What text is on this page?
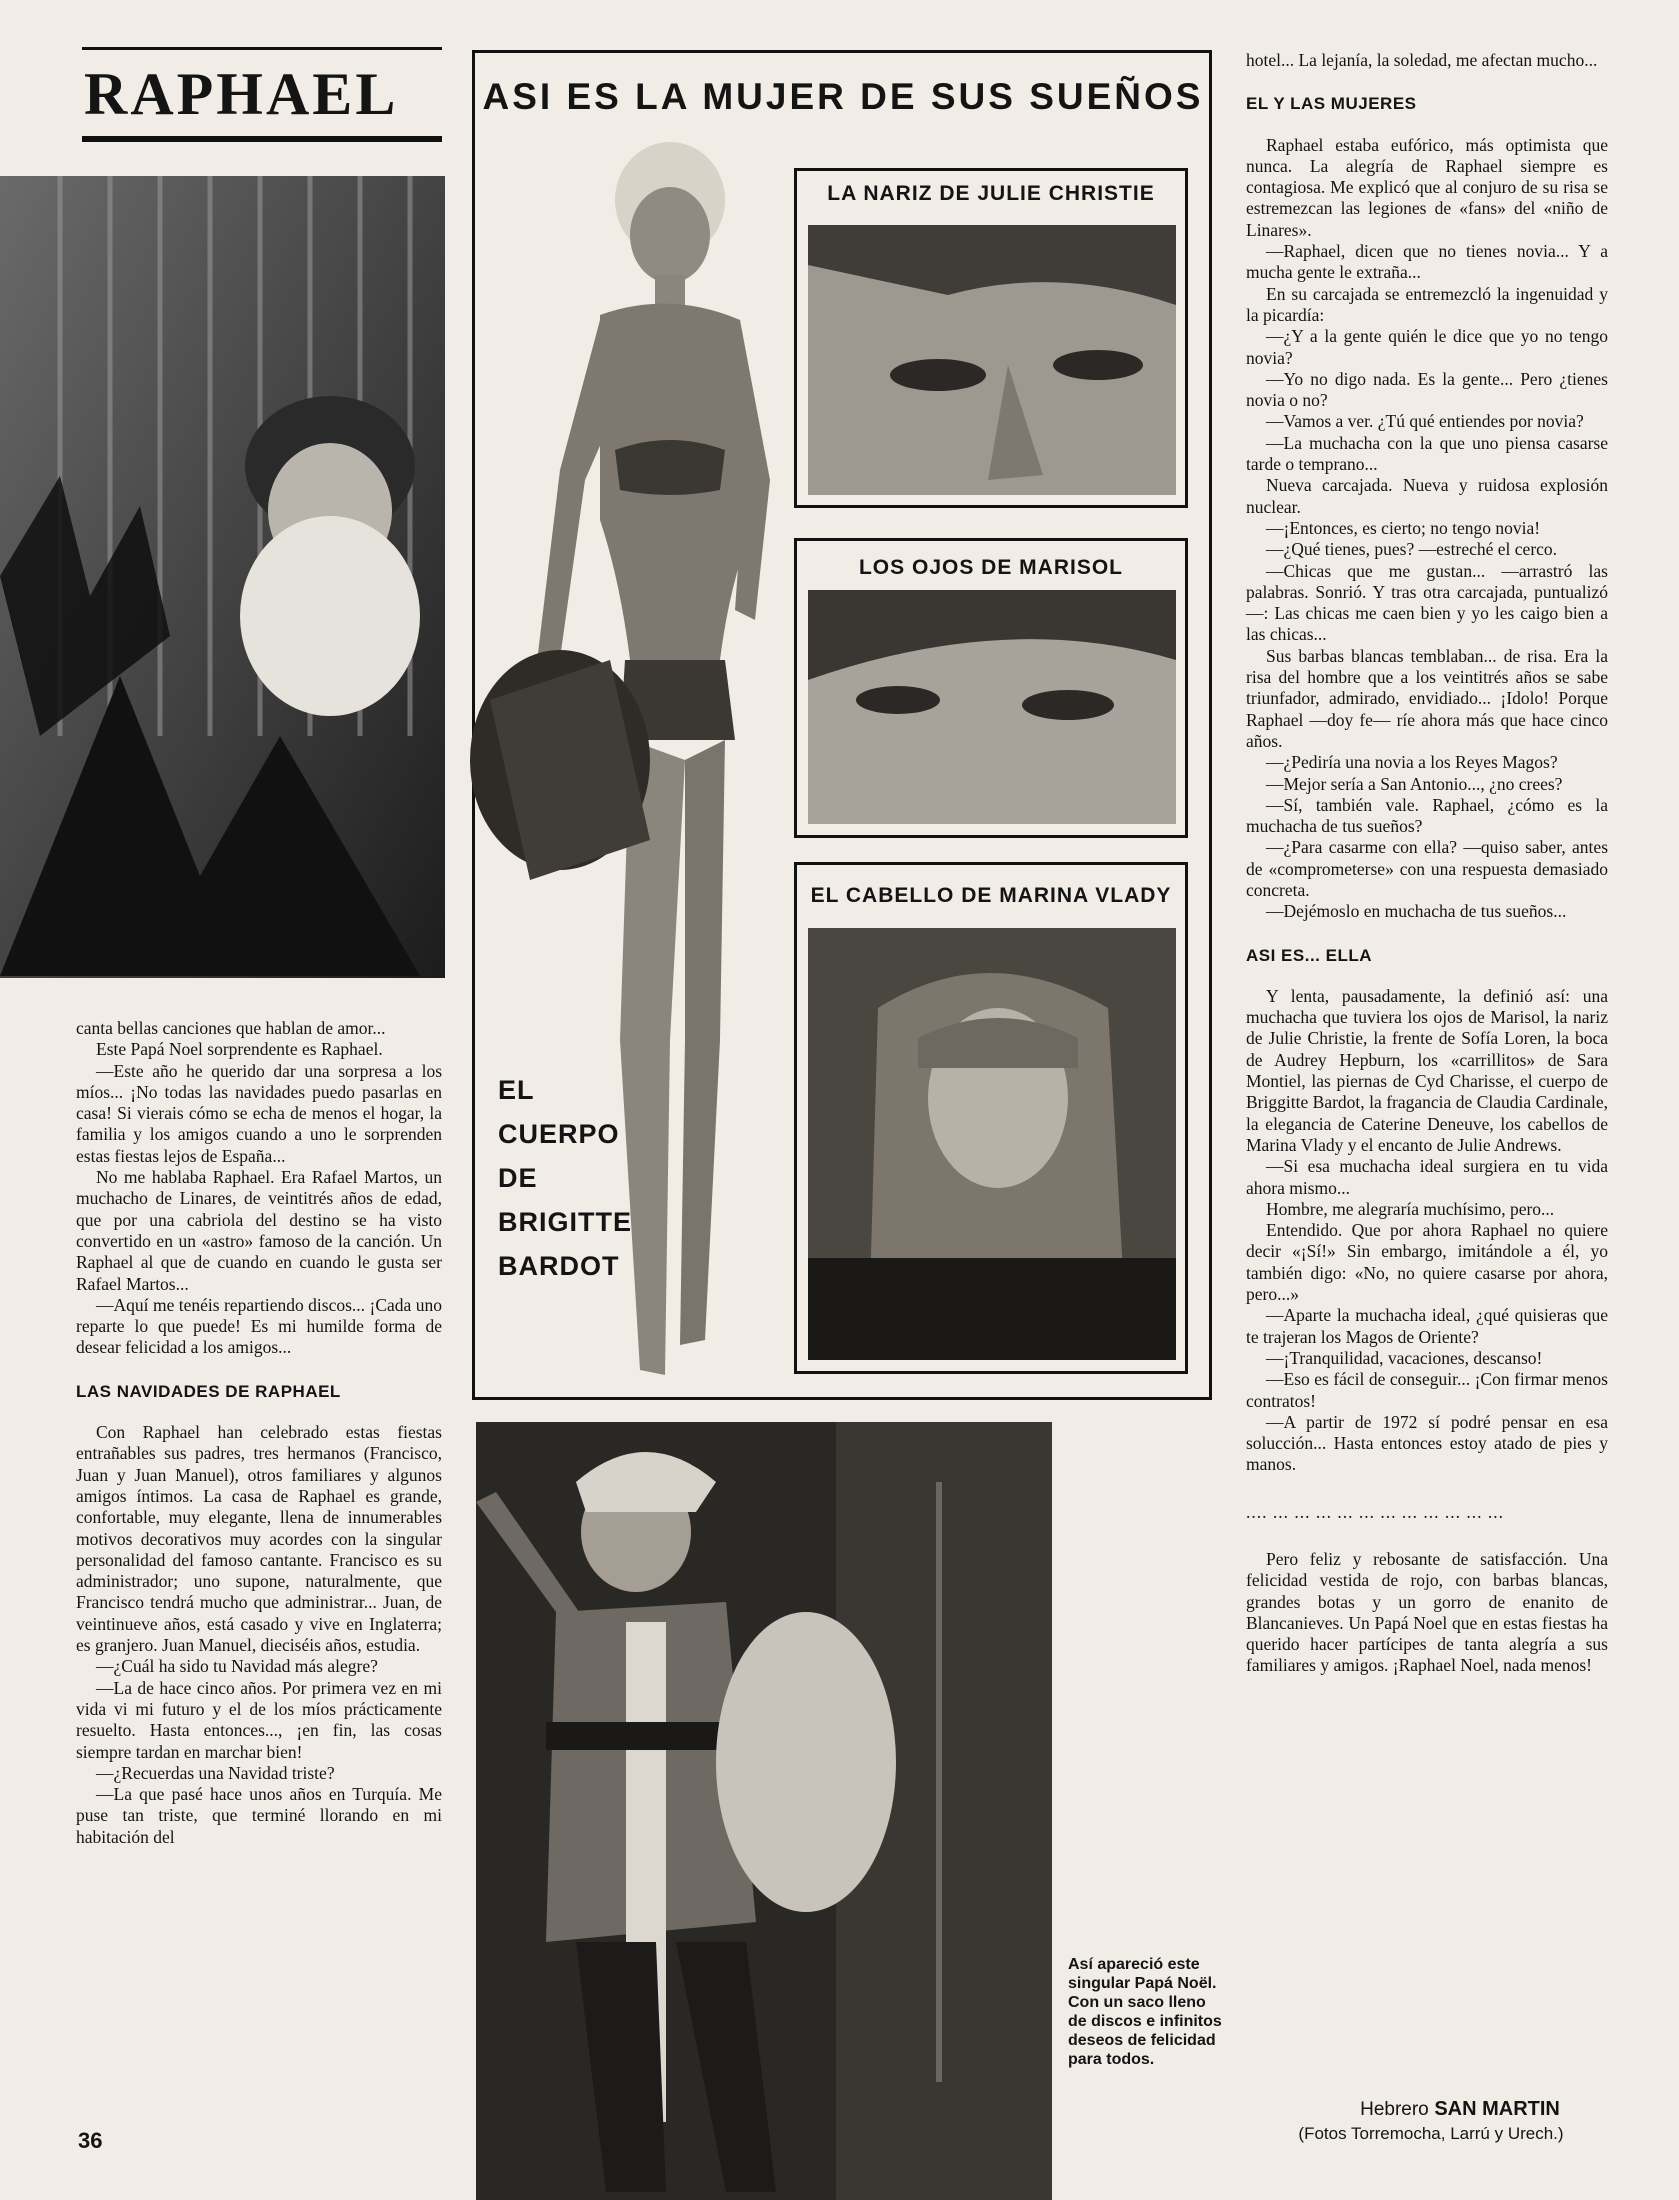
RAPHAEL

canta bellas canciones que hablan de amor...

Este Papá Noel sorprendente es Raphael.

—Este año he querido dar una sorpresa a los míos... ¡No todas las navidades puedo pasarlas en casa! Si vierais cómo se echa de menos el hogar, la familia y los amigos cuando a uno le sorprenden estas fiestas lejos de España...

No me hablaba Raphael. Era Rafael Martos, un muchacho de Linares, de veintitrés años de edad, que por una cabriola del destino se ha visto convertido en un «astro» famoso de la canción. Un Raphael al que de cuando en cuando le gusta ser Rafael Martos...

—Aquí me tenéis repartiendo discos... ¡Cada uno reparte lo que puede! Es mi humilde forma de desear felicidad a los amigos...

LAS NAVIDADES DE RAPHAEL

Con Raphael han celebrado estas fiestas entrañables sus padres, tres hermanos (Francisco, Juan y Juan Manuel), otros familiares y algunos amigos íntimos. La casa de Raphael es grande, confortable, muy elegante, llena de innumerables motivos decorativos muy acordes con la singular personalidad del famoso cantante. Francisco es su administrador; uno supone, naturalmente, que Francisco tendrá mucho que administrar... Juan, de veintinueve años, está casado y vive en Inglaterra; es granjero. Juan Manuel, dieciséis años, estudia.

—¿Cuál ha sido tu Navidad más alegre?

—La de hace cinco años. Por primera vez en mi vida vi mi futuro y el de los míos prácticamente resuelto. Hasta entonces..., ¡en fin, las cosas siempre tardan en marchar bien!

—¿Recuerdas una Navidad triste?

—La que pasé hace unos años en Turquía. Me puse tan triste, que terminé llorando en mi habitación del

36
ASI ES LA MUJER DE SUS SUEÑOS
EL
CUERPO
DE
BRIGITTE
BARDOT
LA NARIZ DE JULIE CHRISTIE
LOS OJOS DE MARISOL
EL CABELLO DE MARINA VLADY
Así apareció este singular Papá Noël. Con un saco lleno de discos e infinitos deseos de felicidad para todos.

hotel... La lejanía, la soledad, me afectan mucho...

EL Y LAS MUJERES

Raphael estaba eufórico, más optimista que nunca. La alegría de Raphael siempre es contagiosa. Me explicó que al conjuro de su risa se estremezcan las legiones de «fans» del «niño de Linares».

—Raphael, dicen que no tienes novia... Y a mucha gente le extraña...

En su carcajada se entremezcló la ingenuidad y la picardía:

—¿Y a la gente quién le dice que yo no tengo novia?

—Yo no digo nada. Es la gente... Pero ¿tienes novia o no?

—Vamos a ver. ¿Tú qué entiendes por novia?

—La muchacha con la que uno piensa casarse tarde o temprano...

Nueva carcajada. Nueva y ruidosa explosión nuclear.

—¡Entonces, es cierto; no tengo novia!

—¿Qué tienes, pues? —estreché el cerco.

—Chicas que me gustan... —arrastró las palabras. Sonrió. Y tras otra carcajada, puntualizó—: Las chicas me caen bien y yo les caigo bien a las chicas...

Sus barbas blancas temblaban... de risa. Era la risa del hombre que a los veintitrés años se sabe triunfador, admirado, envidiado... ¡Idolo! Porque Raphael —doy fe— ríe ahora más que hace cinco años.

—¿Pediría una novia a los Reyes Magos?

—Mejor sería a San Antonio..., ¿no crees?

—Sí, también vale. Raphael, ¿cómo es la muchacha de tus sueños?

—¿Para casarme con ella? —quiso saber, antes de «comprometerse» con una respuesta demasiado concreta.

—Dejémoslo en muchacha de tus sueños...

ASI ES... ELLA

Y lenta, pausadamente, la definió así: una muchacha que tuviera los ojos de Marisol, la nariz de Julie Christie, la frente de Sofía Loren, la boca de Audrey Hepburn, los «carrillitos» de Sara Montiel, las piernas de Cyd Charisse, el cuerpo de Briggitte Bardot, la fragancia de Claudia Cardinale, la elegancia de Caterine Deneuve, los cabellos de Marina Vlady y el encanto de Julie Andrews.

—Si esa muchacha ideal surgiera en tu vida ahora mismo...

Hombre, me alegraría muchísimo, pero...

Entendido. Que por ahora Raphael no quiere decir «¡Sí!» Sin embargo, imitándole a él, yo también digo: «No, no quiere casarse por ahora, pero...»

—Aparte la muchacha ideal, ¿qué quisieras que te trajeran los Magos de Oriente?

—¡Tranquilidad, vacaciones, descanso!

—Eso es fácil de conseguir... ¡Con firmar menos contratos!

—A partir de 1972 sí podré pensar en esa solucción... Hasta entonces estoy atado de pies y manos.

.... ... ... ... ... ... ... ... ... ... ... ...

Pero feliz y rebosante de satisfacción. Una felicidad vestida de rojo, con barbas blancas, grandes botas y un gorro de enanito de Blancanieves. Un Papá Noel que en estas fiestas ha querido hacer partícipes de tanta alegría a sus familiares y amigos. ¡Raphael Noel, nada menos!

Hebrero SAN MARTIN
(Fotos Torremocha, Larrú y Urech.)
